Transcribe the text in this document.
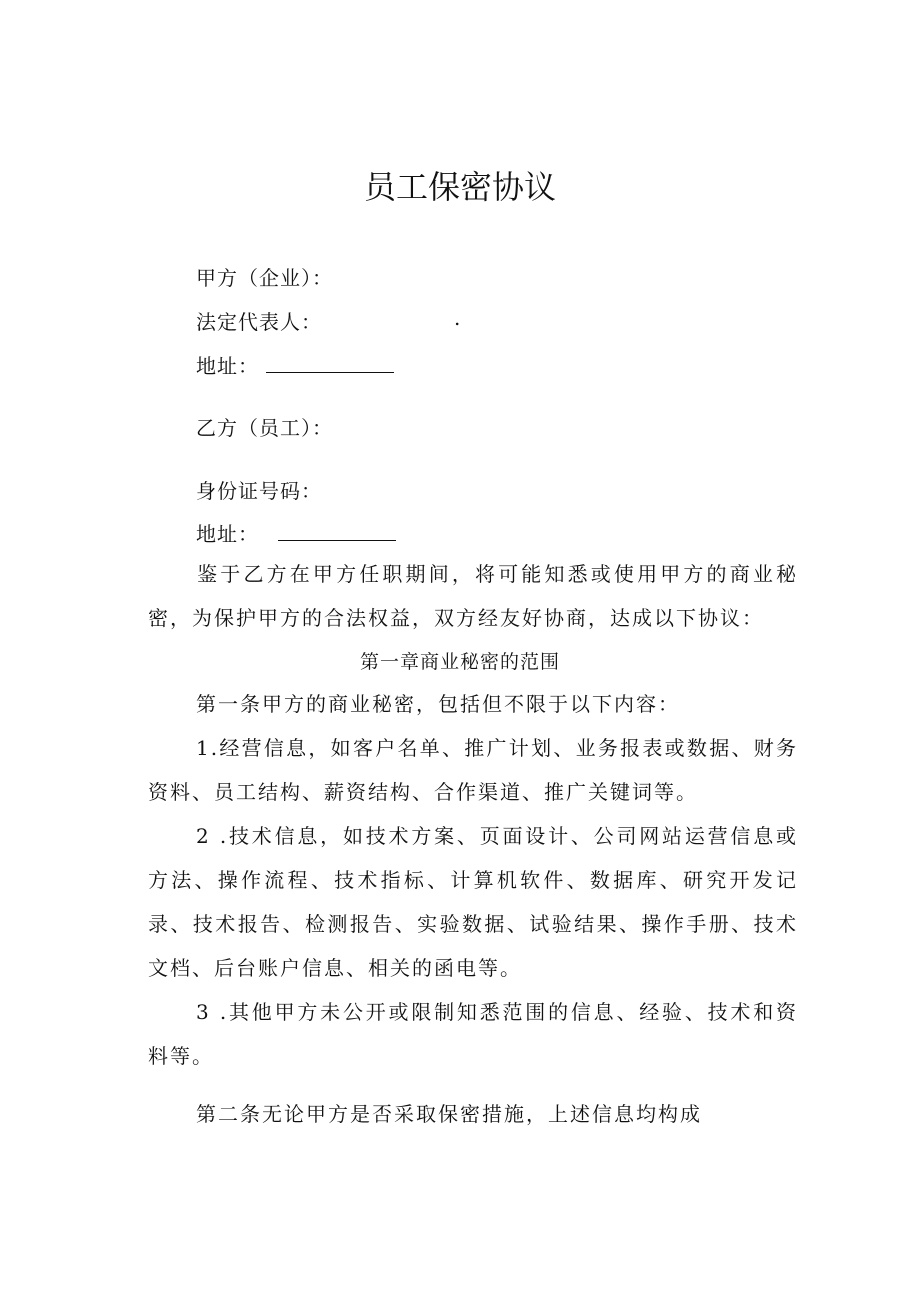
员工保密协议
甲方（企业）：
法定代表人：	.
地址：
乙方（员工）：
身份证号码：
地址：

鉴于乙方在甲方任职期间，将可能知悉或使用甲方的商业秘密，为保护甲方的合法权益，双方经友好协商，达成以下协议：

第一章商业秘密的范围

第一条甲方的商业秘密，包括但不限于以下内容：

1.经营信息，如客户名单、推广计划、业务报表或数据、财务资料、员工结构、薪资结构、合作渠道、推广关键词等。

2 .技术信息，如技术方案、页面设计、公司网站运营信息或方法、操作流程、技术指标、计算机软件、数据库、研究开发记录、技术报告、检测报告、实验数据、试验结果、操作手册、技术文档、后台账户信息、相关的函电等。

3 .其他甲方未公开或限制知悉范围的信息、经验、技术和资料等。

第二条无论甲方是否采取保密措施，上述信息均构成
